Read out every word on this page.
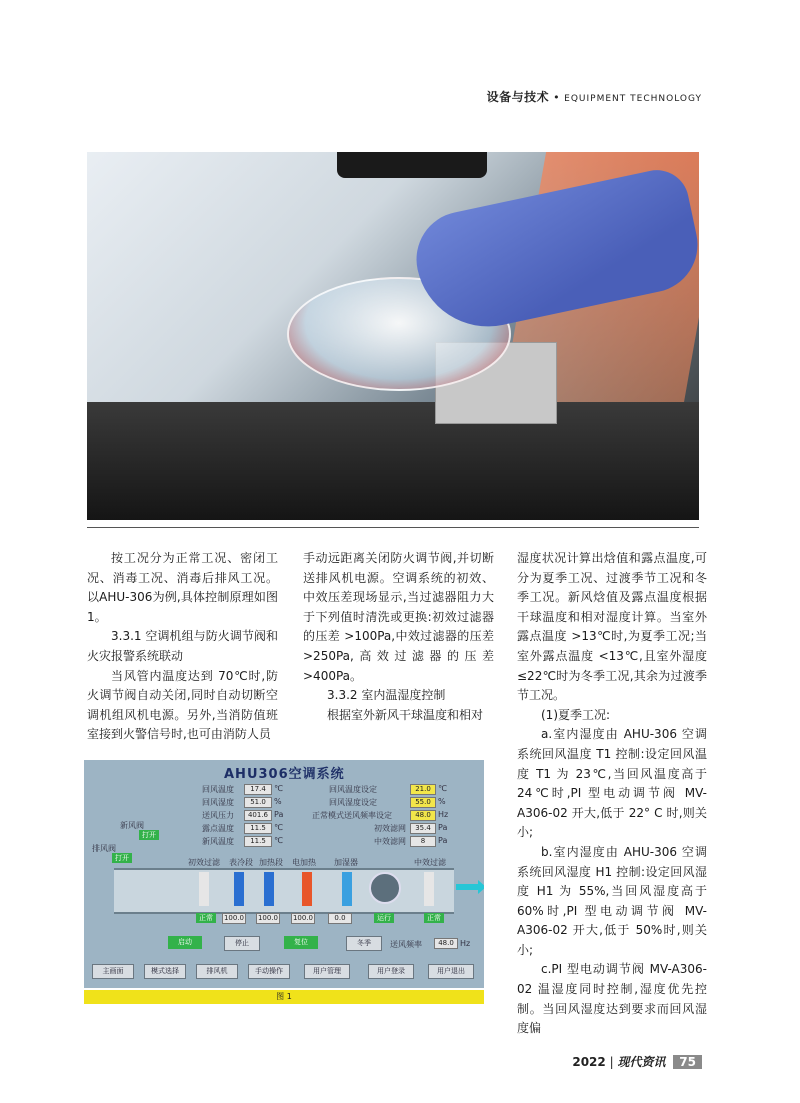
设备与技术 • EQUIPMENT TECHNOLOGY

按工况分为正常工况、密闭工况、消毒工况、消毒后排风工况。以AHU-306为例,具体控制原理如图1。

3.3.1 空调机组与防火调节阀和火灾报警系统联动

当风管内温度达到 70℃时,防火调节阀自动关闭,同时自动切断空调机组风机电源。另外,当消防值班室接到火警信号时,也可由消防人员

手动远距离关闭防火调节阀,并切断送排风机电源。空调系统的初效、中效压差现场显示,当过滤器阻力大于下列值时清洗或更换:初效过滤器的压差 >100Pa,中效过滤器的压差 >250Pa,高效过滤器的压差 >400Pa。

3.3.2 室内温湿度控制

根据室外新风干球温度和相对

湿度状况计算出焓值和露点温度,可分为夏季工况、过渡季节工况和冬季工况。新风焓值及露点温度根据干球温度和相对湿度计算。当室外露点温度 >13℃时,为夏季工况;当室外露点温度 <13℃,且室外湿度≤22℃时为冬季工况,其余为过渡季节工况。

(1)夏季工况:

a.室内湿度由 AHU-306 空调系统回风温度 T1 控制:设定回风温度 T1 为 23℃,当回风温度高于 24℃时,PI 型电动调节阀 MV-A306-02 开大,低于 22° C 时,则关小;

b.室内湿度由 AHU-306 空调系统回风湿度 H1 控制:设定回风湿度 H1 为 55%,当回风湿度高于 60%时,PI 型电动调节阀 MV-A306-02 开大,低于 50%时,则关小;

c.PI 型电动调节阀 MV-A306-02 温湿度同时控制,湿度优先控制。当回风湿度达到要求而回风湿度偏

AHU306空调系统
回风温度	17.4	℃
回风湿度	51.0	%
送风压力	401.6 Pa
露点温度	11.5	℃
新风温度	11.5	℃
回风温度设定	21.0 ℃
回风湿度设定	55.0 %
正常模式送风频率设定	48.0 Hz
初效滤网	35.4 Pa
中效滤网	8	Pa
新风阀
排风阀
初效过滤 表冷段 加热段 电加热 加湿器	中效过滤
打开
打开
正常	100.0 100.0 100.0	0.0	运行	正常
启动	停止	复位	冬季	送风频率	48.0 Hz
主画面	模式选择	排风机	手动操作	用户管理	用户登录	用户退出
图 1
2022 | 现代资讯 75
